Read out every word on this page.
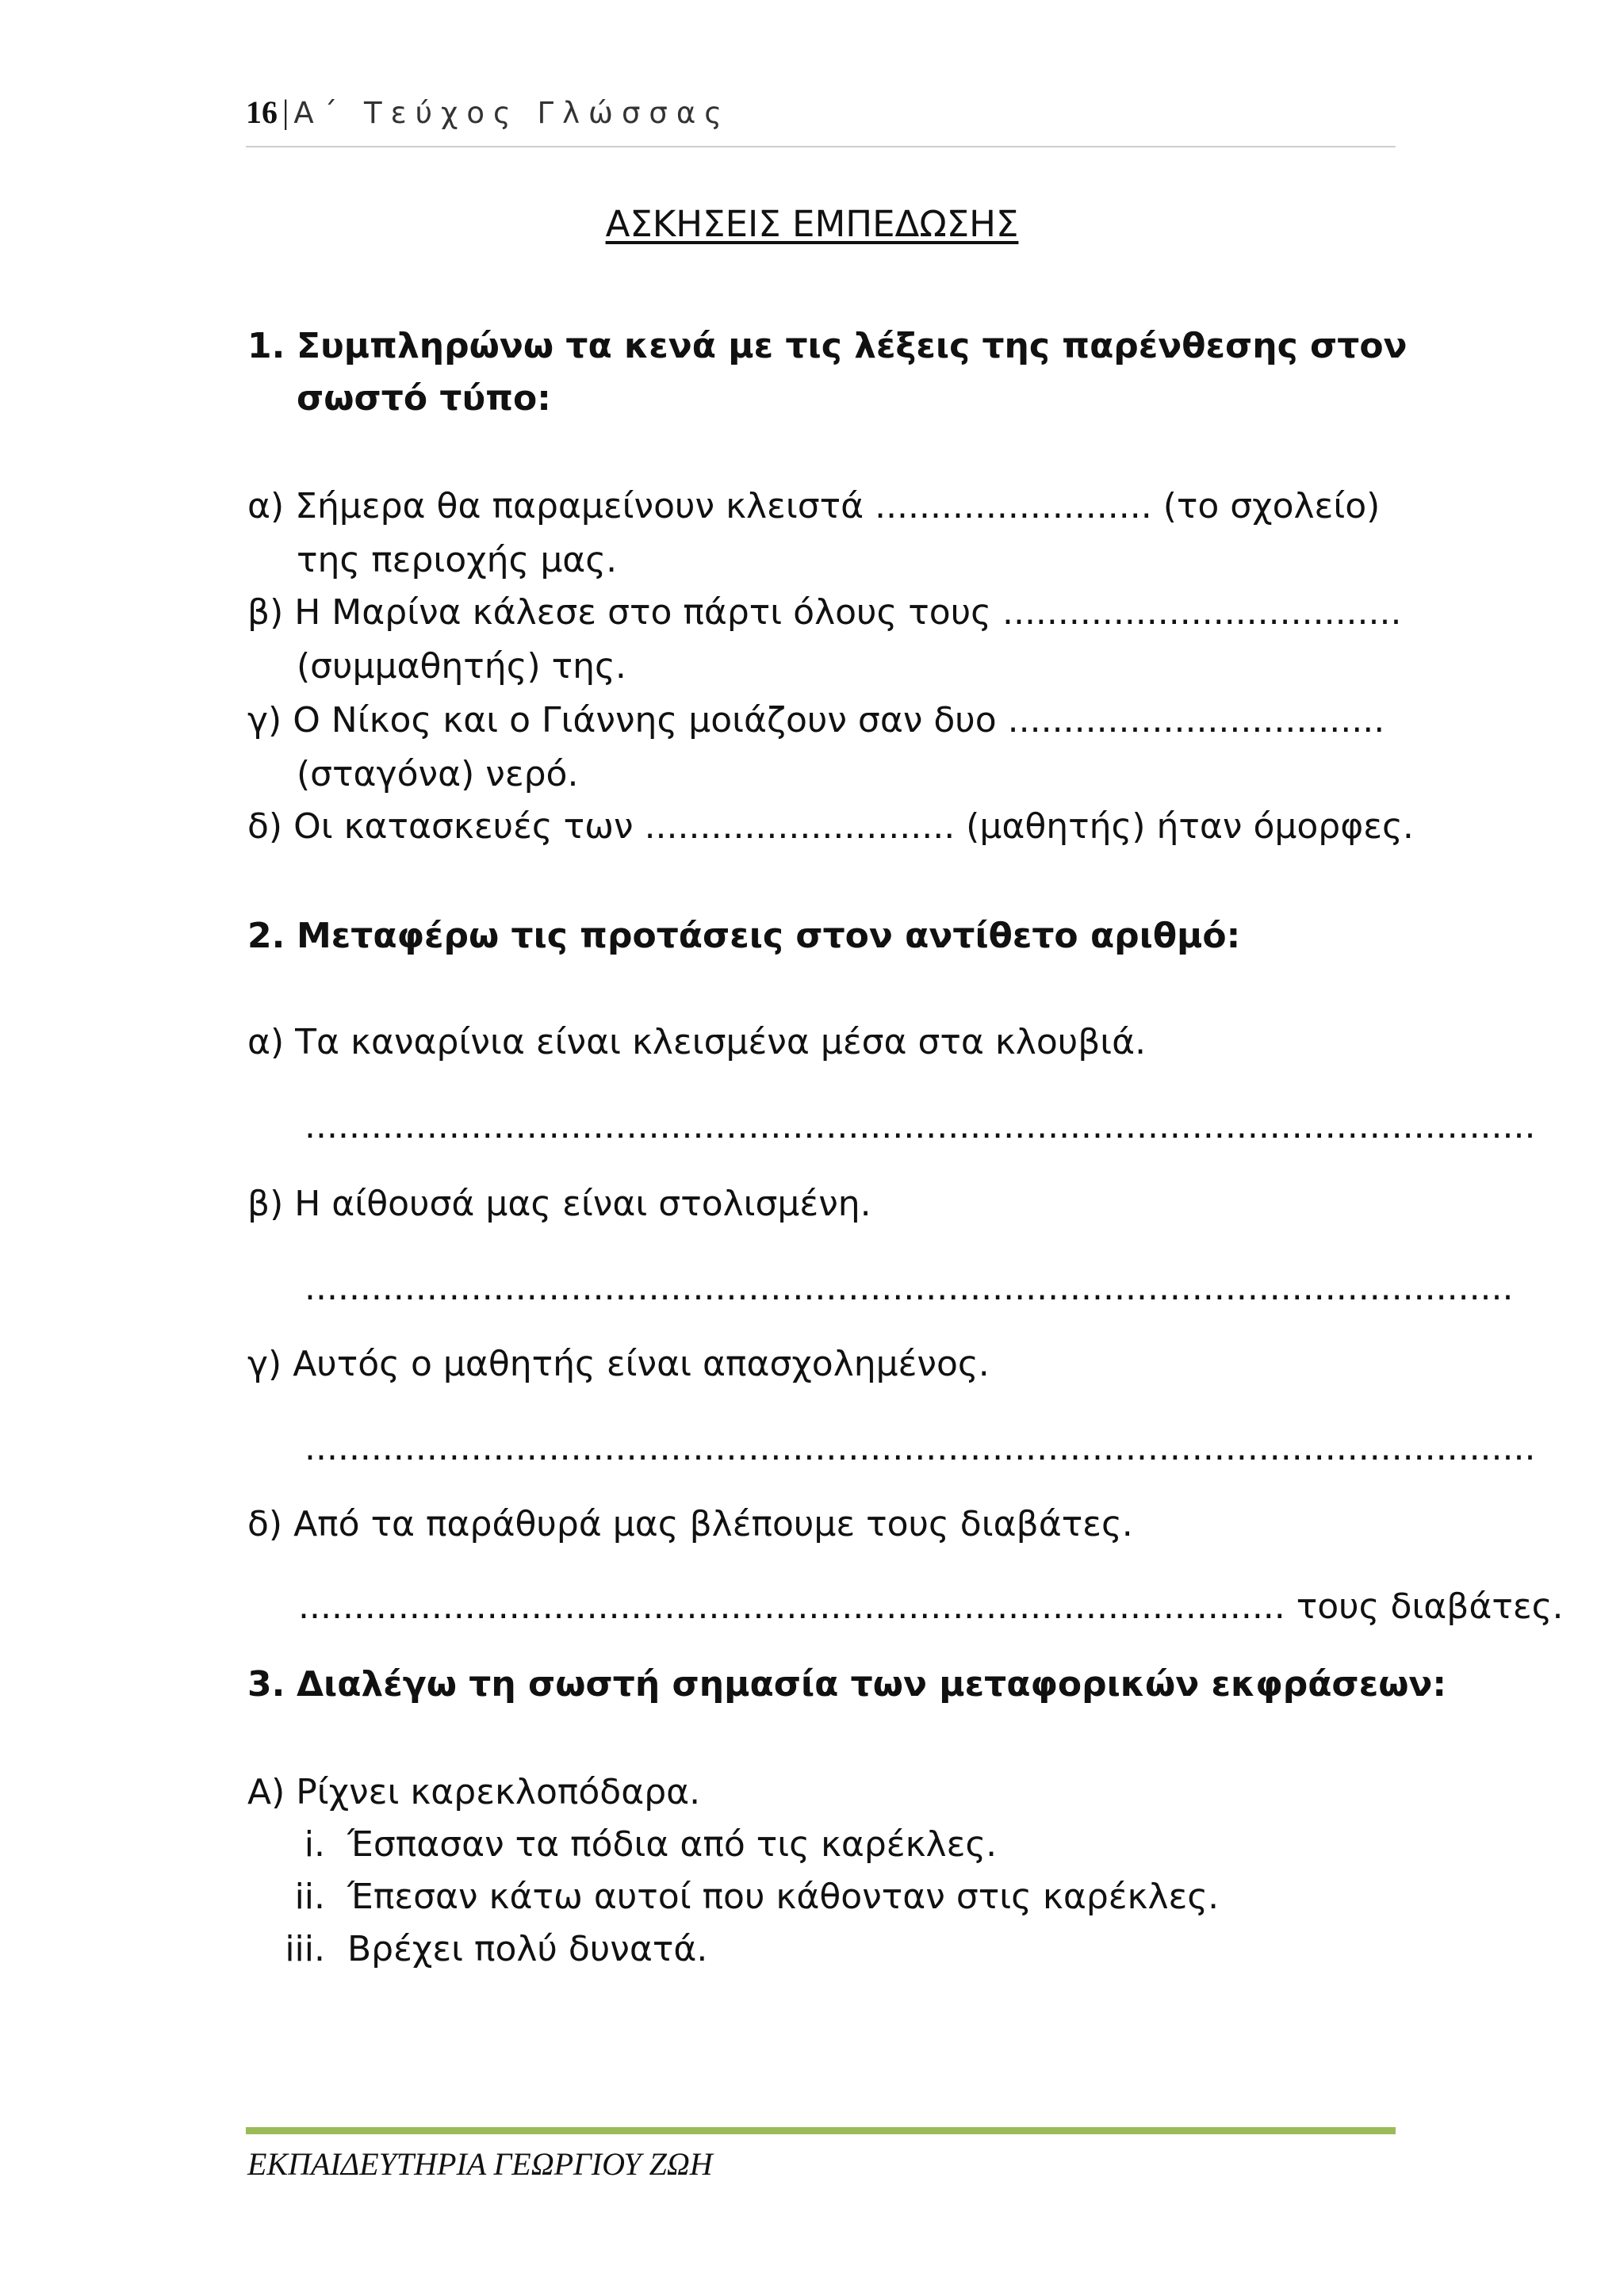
16 | Α΄ Τεύχος Γλώσσας
ΑΣΚΗΣΕΙΣ ΕΜΠΕΔΩΣΗΣ
1. Συμπληρώνω τα κενά με τις λέξεις της παρένθεσης στον
σωστό τύπο:
α) Σήμερα θα παραμείνουν κλειστά ......................... (το σχολείο)
της περιοχής μας.
β) Η Μαρίνα κάλεσε στο πάρτι όλους τους ....................................
(συμμαθητής) της.
γ) Ο Νίκος και ο Γιάννης μοιάζουν σαν δυο ..................................
(σταγόνα) νερό.
δ) Οι κατασκευές των ............................ (μαθητής) ήταν όμορφες.
2. Μεταφέρω τις προτάσεις στον αντίθετο αριθμό:
α) Τα καναρίνια είναι κλεισμένα μέσα στα κλουβιά.
...............................................................................................................
β) Η αίθουσά μας είναι στολισμένη.
.............................................................................................................
γ) Αυτός ο μαθητής είναι απασχολημένος.
...............................................................................................................
δ) Από τα παράθυρά μας βλέπουμε τους διαβάτες.
......................................................................................... τους διαβάτες.
3. Διαλέγω τη σωστή σημασία των μεταφορικών εκφράσεων:
Α) Ρίχνει καρεκλοπόδαρα.
i. Έσπασαν τα πόδια από τις καρέκλες.
ii. Έπεσαν κάτω αυτοί που κάθονταν στις καρέκλες.
iii. Βρέχει πολύ δυνατά.
ΕΚΠΑΙΔΕΥΤΗΡΙΑ ΓΕΩΡΓΙΟΥ ΖΩΗ
